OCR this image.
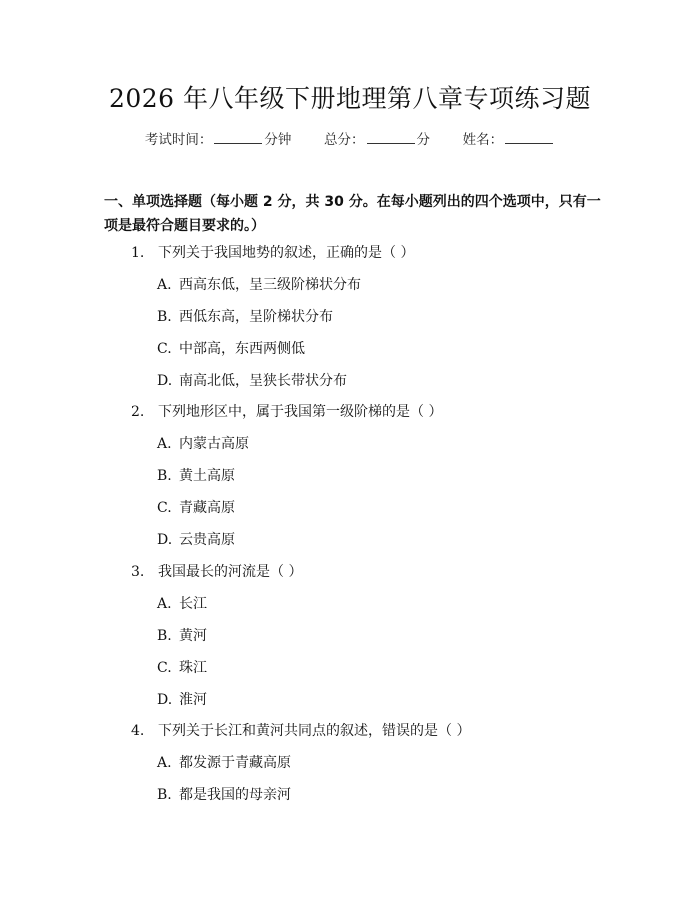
2026 年八年级下册地理第八章专项练习题
考试时间：	分钟 总分：	分 姓名：
一、单项选择题（每小题 2 分，共 30 分。在每小题列出的四个选项中，只有一项是最符合题目要求的。）
1. 下列关于我国地势的叙述，正确的是（ ）
A. 西高东低，呈三级阶梯状分布
B. 西低东高，呈阶梯状分布
C. 中部高，东西两侧低
D. 南高北低，呈狭长带状分布
2. 下列地形区中，属于我国第一级阶梯的是（ ）
A. 内蒙古高原
B. 黄土高原
C. 青藏高原
D. 云贵高原
3. 我国最长的河流是（ ）
A. 长江
B. 黄河
C. 珠江
D. 淮河
4. 下列关于长江和黄河共同点的叙述，错误的是（ ）
A. 都发源于青藏高原
B. 都是我国的母亲河
